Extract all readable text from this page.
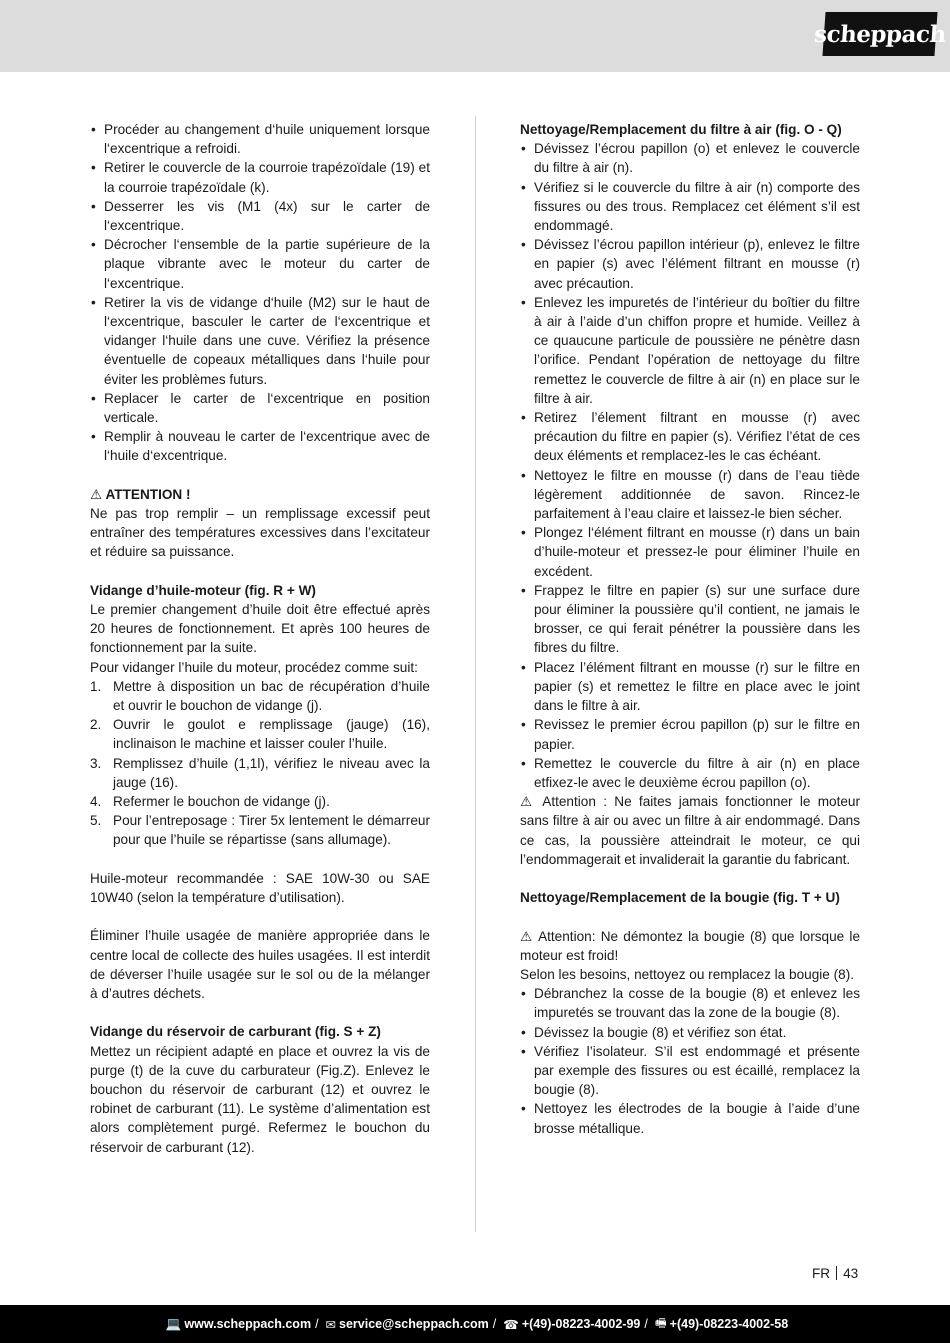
scheppach
• Procéder au changement d‘huile uniquement lorsque l‘excentrique a refroidi.
• Retirer le couvercle de la courroie trapézoïdale (19) et la courroie trapézoïdale (k).
• Desserrer les vis (M1 (4x) sur le carter de l‘excentrique.
• Décrocher l‘ensemble de la partie supérieure de la plaque vibrante avec le moteur du carter de l‘excentrique.
• Retirer la vis de vidange d‘huile (M2) sur le haut de l‘excentrique, basculer le carter de l‘excentrique et vidanger l‘huile dans une cuve. Vérifiez la présence éventuelle de copeaux métalliques dans l‘huile pour éviter les problèmes futurs.
• Replacer le carter de l‘excentrique en position verticale.
• Remplir à nouveau le carter de l‘excentrique avec de l‘huile d‘excentrique.

⚠ ATTENTION !

Ne pas trop remplir – un remplissage excessif peut entraîner des températures excessives dans l’excitateur et réduire sa puissance.

Vidange d’huile-moteur (fig. R + W)

Le premier changement d’huile doit être effectué après 20 heures de fonctionnement. Et après 100 heures de fonctionnement par la suite.

Pour vidanger l’huile du moteur, procédez comme suit:

1. Mettre à disposition un bac de récupération d’huile et ouvrir le bouchon de vidange (j).
2. Ouvrir le goulot e remplissage (jauge) (16), inclinaison le machine et laisser couler l’huile.
3. Remplissez d’huile (1,1l), vérifiez le niveau avec la jauge (16).
4. Refermer le bouchon de vidange (j).
5. Pour l’entreposage : Tirer 5x lentement le démarreur pour que l’huile se répartisse (sans allumage).

Huile-moteur recommandée : SAE 10W-30 ou SAE 10W40 (selon la température d’utilisation).

Éliminer l’huile usagée de manière appropriée dans le centre local de collecte des huiles usagées. Il est interdit de déverser l’huile usagée sur le sol ou de la mélanger à d’autres déchets.

Vidange du réservoir de carburant (fig. S + Z)

Mettez un récipient adapté en place et ouvrez la vis de purge (t) de la cuve du carburateur (Fig.Z). Enlevez le bouchon du réservoir de carburant (12) et ouvrez le robinet de carburant (11). Le système d’alimentation est alors complètement purgé. Refermez le bouchon du réservoir de carburant (12).

Nettoyage/Remplacement du filtre à air (fig. O - Q)

• Dévissez l’écrou papillon (o) et enlevez le couvercle du filtre à air (n).
• Vérifiez si le couvercle du filtre à air (n) comporte des fissures ou des trous. Remplacez cet élément s’il est endommagé.
• Dévissez l’écrou papillon intérieur (p), enlevez le filtre en papier (s) avec l’élément filtrant en mousse (r) avec précaution.
• Enlevez les impuretés de l’intérieur du boîtier du filtre à air à l’aide d’un chiffon propre et humide. Veillez à ce quaucune particule de poussière ne pénètre dasn l’orifice. Pendant l’opération de nettoyage du filtre remettez le couvercle de filtre à air (n) en place sur le filtre à air.
• Retirez l’élement filtrant en mousse (r) avec précaution du filtre en papier (s). Vérifiez l’état de ces deux éléments et remplacez-les le cas échéant.
• Nettoyez le filtre en mousse (r) dans de l’eau tiède légèrement additionnée de savon. Rincez-le parfaitement à l’eau claire et laissez-le bien sécher.
• Plongez l‘élément filtrant en mousse (r) dans un bain d’huile-moteur et pressez-le pour éliminer l’huile en excédent.
• Frappez le filtre en papier (s) sur une surface dure pour éliminer la poussière qu’il contient, ne jamais le brosser, ce qui ferait pénétrer la poussière dans les fibres du filtre.
• Placez l’élément filtrant en mousse (r) sur le filtre en papier (s) et remettez le filtre en place avec le joint dans le filtre à air.
• Revissez le premier écrou papillon (p) sur le filtre en papier.
• Remettez le couvercle du filtre à air (n) en place etfixez-le avec le deuxième écrou papillon (o).

⚠ Attention : Ne faites jamais fonctionner le moteur sans filtre à air ou avec un filtre à air endommagé. Dans ce cas, la poussière atteindrait le moteur, ce qui l’endommagerait et invaliderait la garantie du fabricant.

Nettoyage/Remplacement de la bougie (fig. T + U)

⚠ Attention: Ne démontez la bougie (8) que lorsque le moteur est froid!

Selon les besoins, nettoyez ou remplacez la bougie (8).

• Débranchez la cosse de la bougie (8) et enlevez les impuretés se trouvant das la zone de la bougie (8).
• Dévissez la bougie (8) et vérifiez son état.
• Vérifiez l’isolateur. S’il est endommagé et présente par exemple des fissures ou est écaillé, remplacez la bougie (8).
• Nettoyez les électrodes de la bougie à l’aide d’une brosse métallique.
FR 43
💻 www.scheppach.com / ✉ service@scheppach.com / ☎ +(49)-08223-4002-99 / 🖷 +(49)-08223-4002-58
